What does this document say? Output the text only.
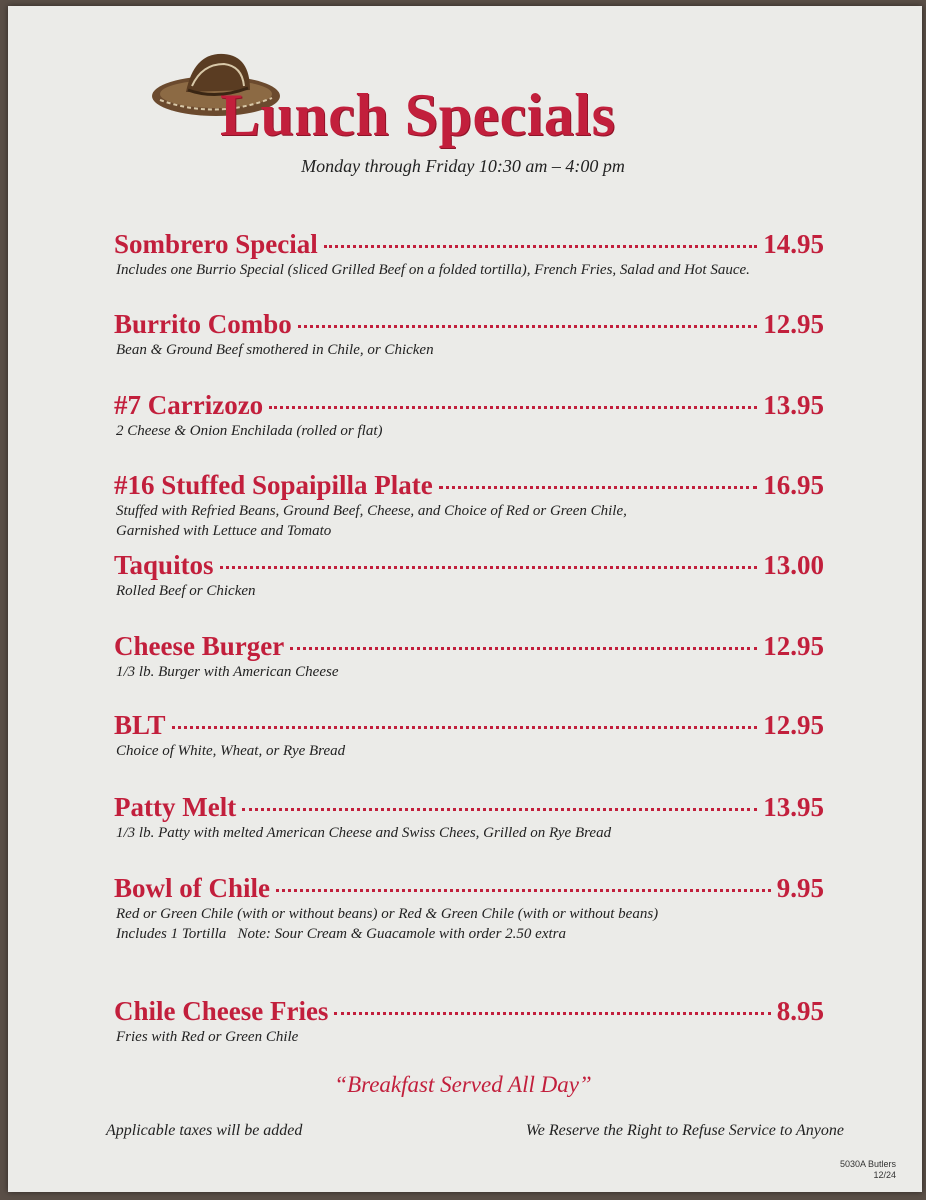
Lunch Specials
Monday through Friday 10:30 am – 4:00 pm
Sombrero Special	14.95
Includes one Burrio Special (sliced Grilled Beef on a folded tortilla), French Fries, Salad and Hot Sauce.
Burrito Combo	12.95
Bean & Ground Beef smothered in Chile, or Chicken
#7 Carrizozo	13.95
2 Cheese & Onion Enchilada (rolled or flat)
#16 Stuffed Sopaipilla Plate	16.95
Stuffed with Refried Beans, Ground Beef, Cheese, and Choice of Red or Green Chile,
Garnished with Lettuce and Tomato
Taquitos	13.00
Rolled Beef or Chicken
Cheese Burger	12.95
1/3 lb. Burger with American Cheese
BLT	12.95
Choice of White, Wheat, or Rye Bread
Patty Melt	13.95
1/3 lb. Patty with melted American Cheese and Swiss Chees, Grilled on Rye Bread
Bowl of Chile	9.95
Red or Green Chile (with or without beans) or Red & Green Chile (with or without beans)
Includes 1 Tortilla   Note: Sour Cream & Guacamole with order 2.50 extra
Chile Cheese Fries	8.95
Fries with Red or Green Chile
“Breakfast Served All Day”
Applicable taxes will be added	We Reserve the Right to Refuse Service to Anyone
5030A Butlers
12/24
